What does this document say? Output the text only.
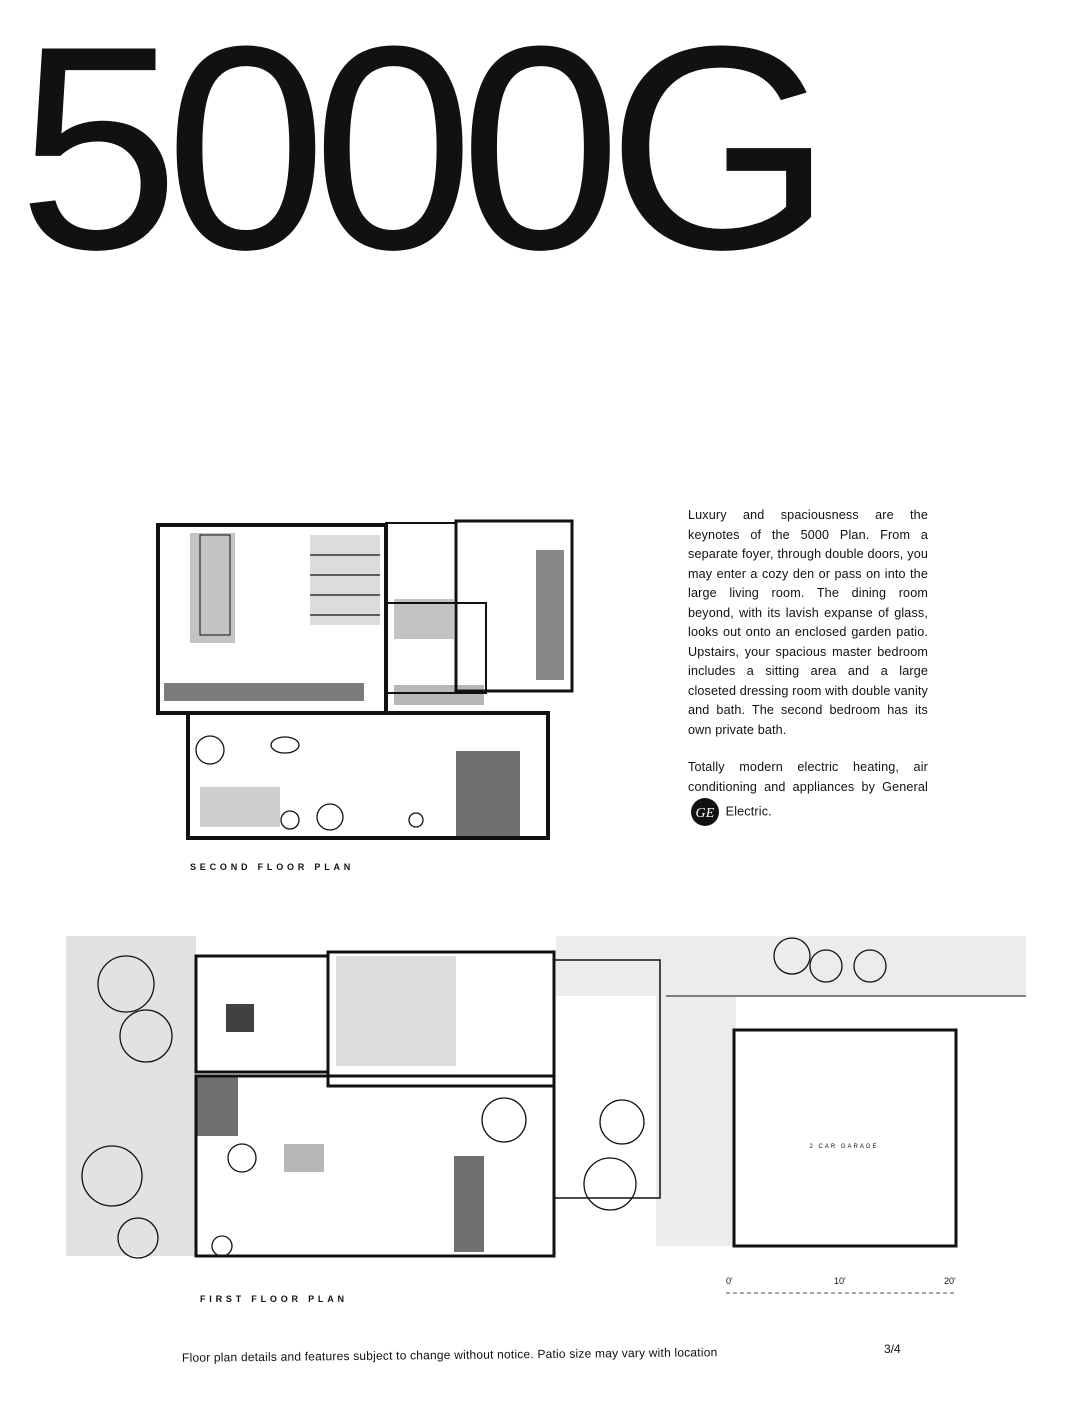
5000G
SECOND FLOOR PLAN

Luxury and spaciousness are the keynotes of the 5000 Plan. From a separate foyer, through double doors, you may enter a cozy den or pass on into the large living room. The dining room beyond, with its lavish expanse of glass, looks out onto an enclosed garden patio. Upstairs, your spacious master bedroom includes a sitting area and a large closeted dressing room with double vanity and bath. The second bedroom has its own private bath.

Totally modern electric heating, air conditioning and appliances by General
GE Electric.

2 CAR GARAGE
FIRST FLOOR PLAN
0'	10'	20'
Floor plan details and features subject to change without notice. Patio size may vary with location	3/4
